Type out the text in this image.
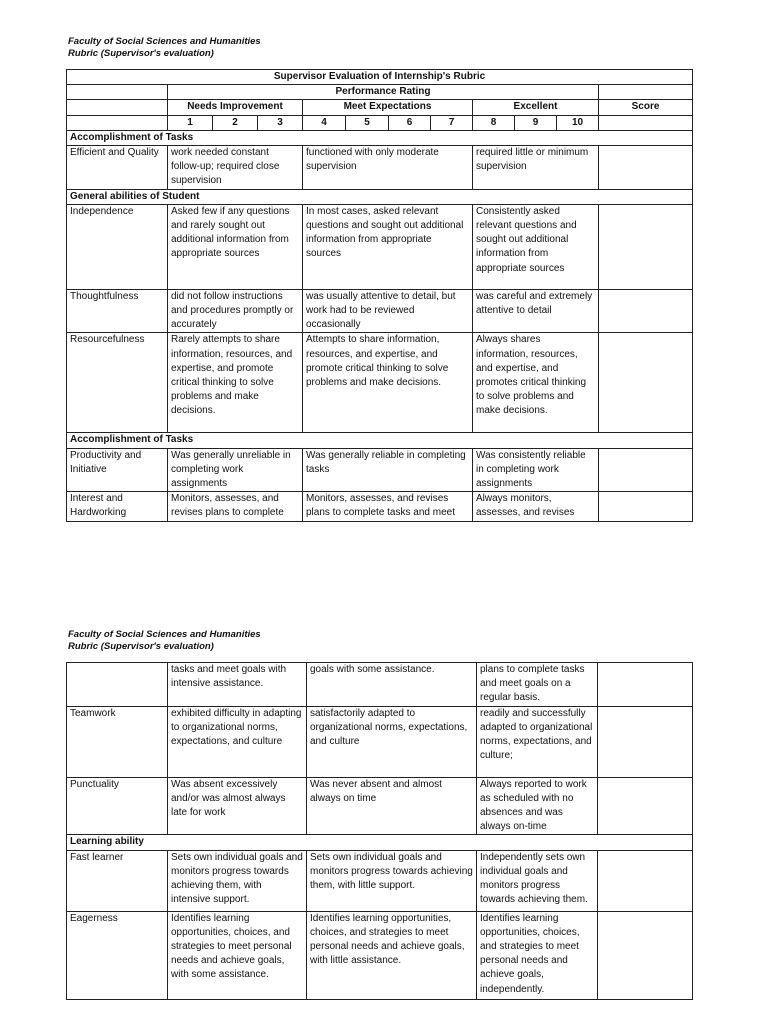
Faculty of Social Sciences and Humanities
Rubric (Supervisor's evaluation)
Supervisor Evaluation of Internship's Rubric											
	Performance Rating										
	Needs Improvement			Meet Expectations				Excellent			Score
	1	2	3	4	5	6	7	8	9	10	
Accomplishment of Tasks											
Efficient and Quality	work needed constant follow-up; required close supervision			functioned with only moderate supervision				required little or minimum supervision			
General abilities of Student											
Independence	Asked few if any questions and rarely sought out additional information from appropriate sources			In most cases, asked relevant questions and sought out additional information from appropriate sources				Consistently asked relevant questions and sought out additional information from appropriate sources			
Thoughtfulness	did not follow instructions and procedures promptly or accurately			was usually attentive to detail, but work had to be reviewed occasionally				was careful and extremely attentive to detail			
Resourcefulness	Rarely attempts to share information, resources, and expertise, and promote critical thinking to solve problems and make decisions.			Attempts to share information, resources, and expertise, and promote critical thinking to solve problems and make decisions.				Always shares information, resources, and expertise, and promotes critical thinking to solve problems and make decisions.			
Accomplishment of Tasks											
Productivity and Initiative	Was generally unreliable in completing work assignments			Was generally reliable in completing tasks				Was consistently reliable in completing work assignments			
Interest and Hardworking	Monitors, assesses, and revises plans to complete			Monitors, assesses, and revises plans to complete tasks and meet				Always monitors, assesses, and revises			
Faculty of Social Sciences and Humanities
Rubric (Supervisor's evaluation)
	tasks and meet goals with intensive assistance.	goals with some assistance.	plans to complete tasks and meet goals on a regular basis.	
Teamwork	exhibited difficulty in adapting to organizational norms, expectations, and culture	satisfactorily adapted to organizational norms, expectations, and culture	readily and successfully adapted to organizational norms, expectations, and culture;	
Punctuality	Was absent excessively and/or was almost always late for work	Was never absent and almost always on time	Always reported to work as scheduled with no absences and was always on-time	
Learning ability				
Fast learner	Sets own individual goals and monitors progress towards achieving them, with intensive support.	Sets own individual goals and monitors progress towards achieving them, with little support.	Independently sets own individual goals and monitors progress towards achieving them.	
Eagerness	Identifies learning opportunities, choices, and strategies to meet personal needs and achieve goals, with some assistance.	Identifies learning opportunities, choices, and strategies to meet personal needs and achieve goals, with little assistance.	Identifies learning opportunities, choices, and strategies to meet personal needs and achieve goals, independently.	
